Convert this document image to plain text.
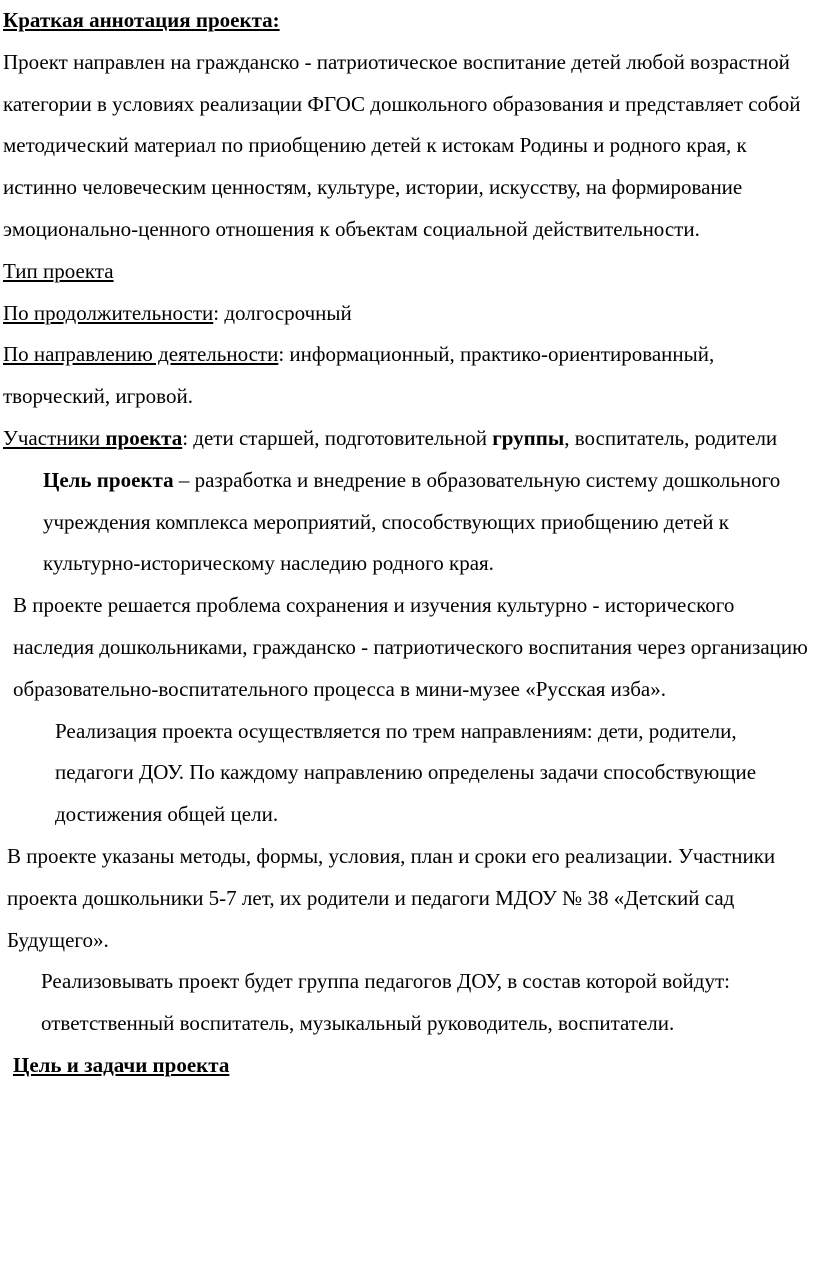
Краткая аннотация проекта:

Проект направлен на гражданско - патриотическое воспитание детей любой возрастной категории в условиях реализации ФГОС дошкольного образования и представляет собой методический материал по приобщению детей к истокам Родины и родного края, к истинно человеческим ценностям, культуре, истории, искусству, на формирование эмоционально-ценного отношения к объектам социальной действительности.

Тип проекта

По продолжительности: долгосрочный

По направлению деятельности: информационный, практико-ориентированный, творческий, игровой.

Участники проекта: дети старшей, подготовительной группы, воспитатель, родители

Цель проекта – разработка и внедрение в образовательную систему дошкольного учреждения комплекса мероприятий, способствующих приобщению детей к культурно-историческому наследию родного края.

В проекте решается проблема сохранения и изучения культурно - исторического наследия дошкольниками, гражданско - патриотического воспитания через организацию образовательно-воспитательного процесса в мини-музее «Русская изба».

Реализация проекта осуществляется по трем направлениям: дети, родители, педагоги ДОУ. По каждому направлению определены задачи способствующие достижения общей цели.

В проекте указаны методы, формы, условия, план и сроки его реализации. Участники проекта дошкольники 5-7 лет, их родители и педагоги МДОУ № 38 «Детский сад Будущего».

Реализовывать проект будет группа педагогов ДОУ, в состав которой войдут: ответственный воспитатель, музыкальный руководитель, воспитатели.

Цель и задачи проекта
